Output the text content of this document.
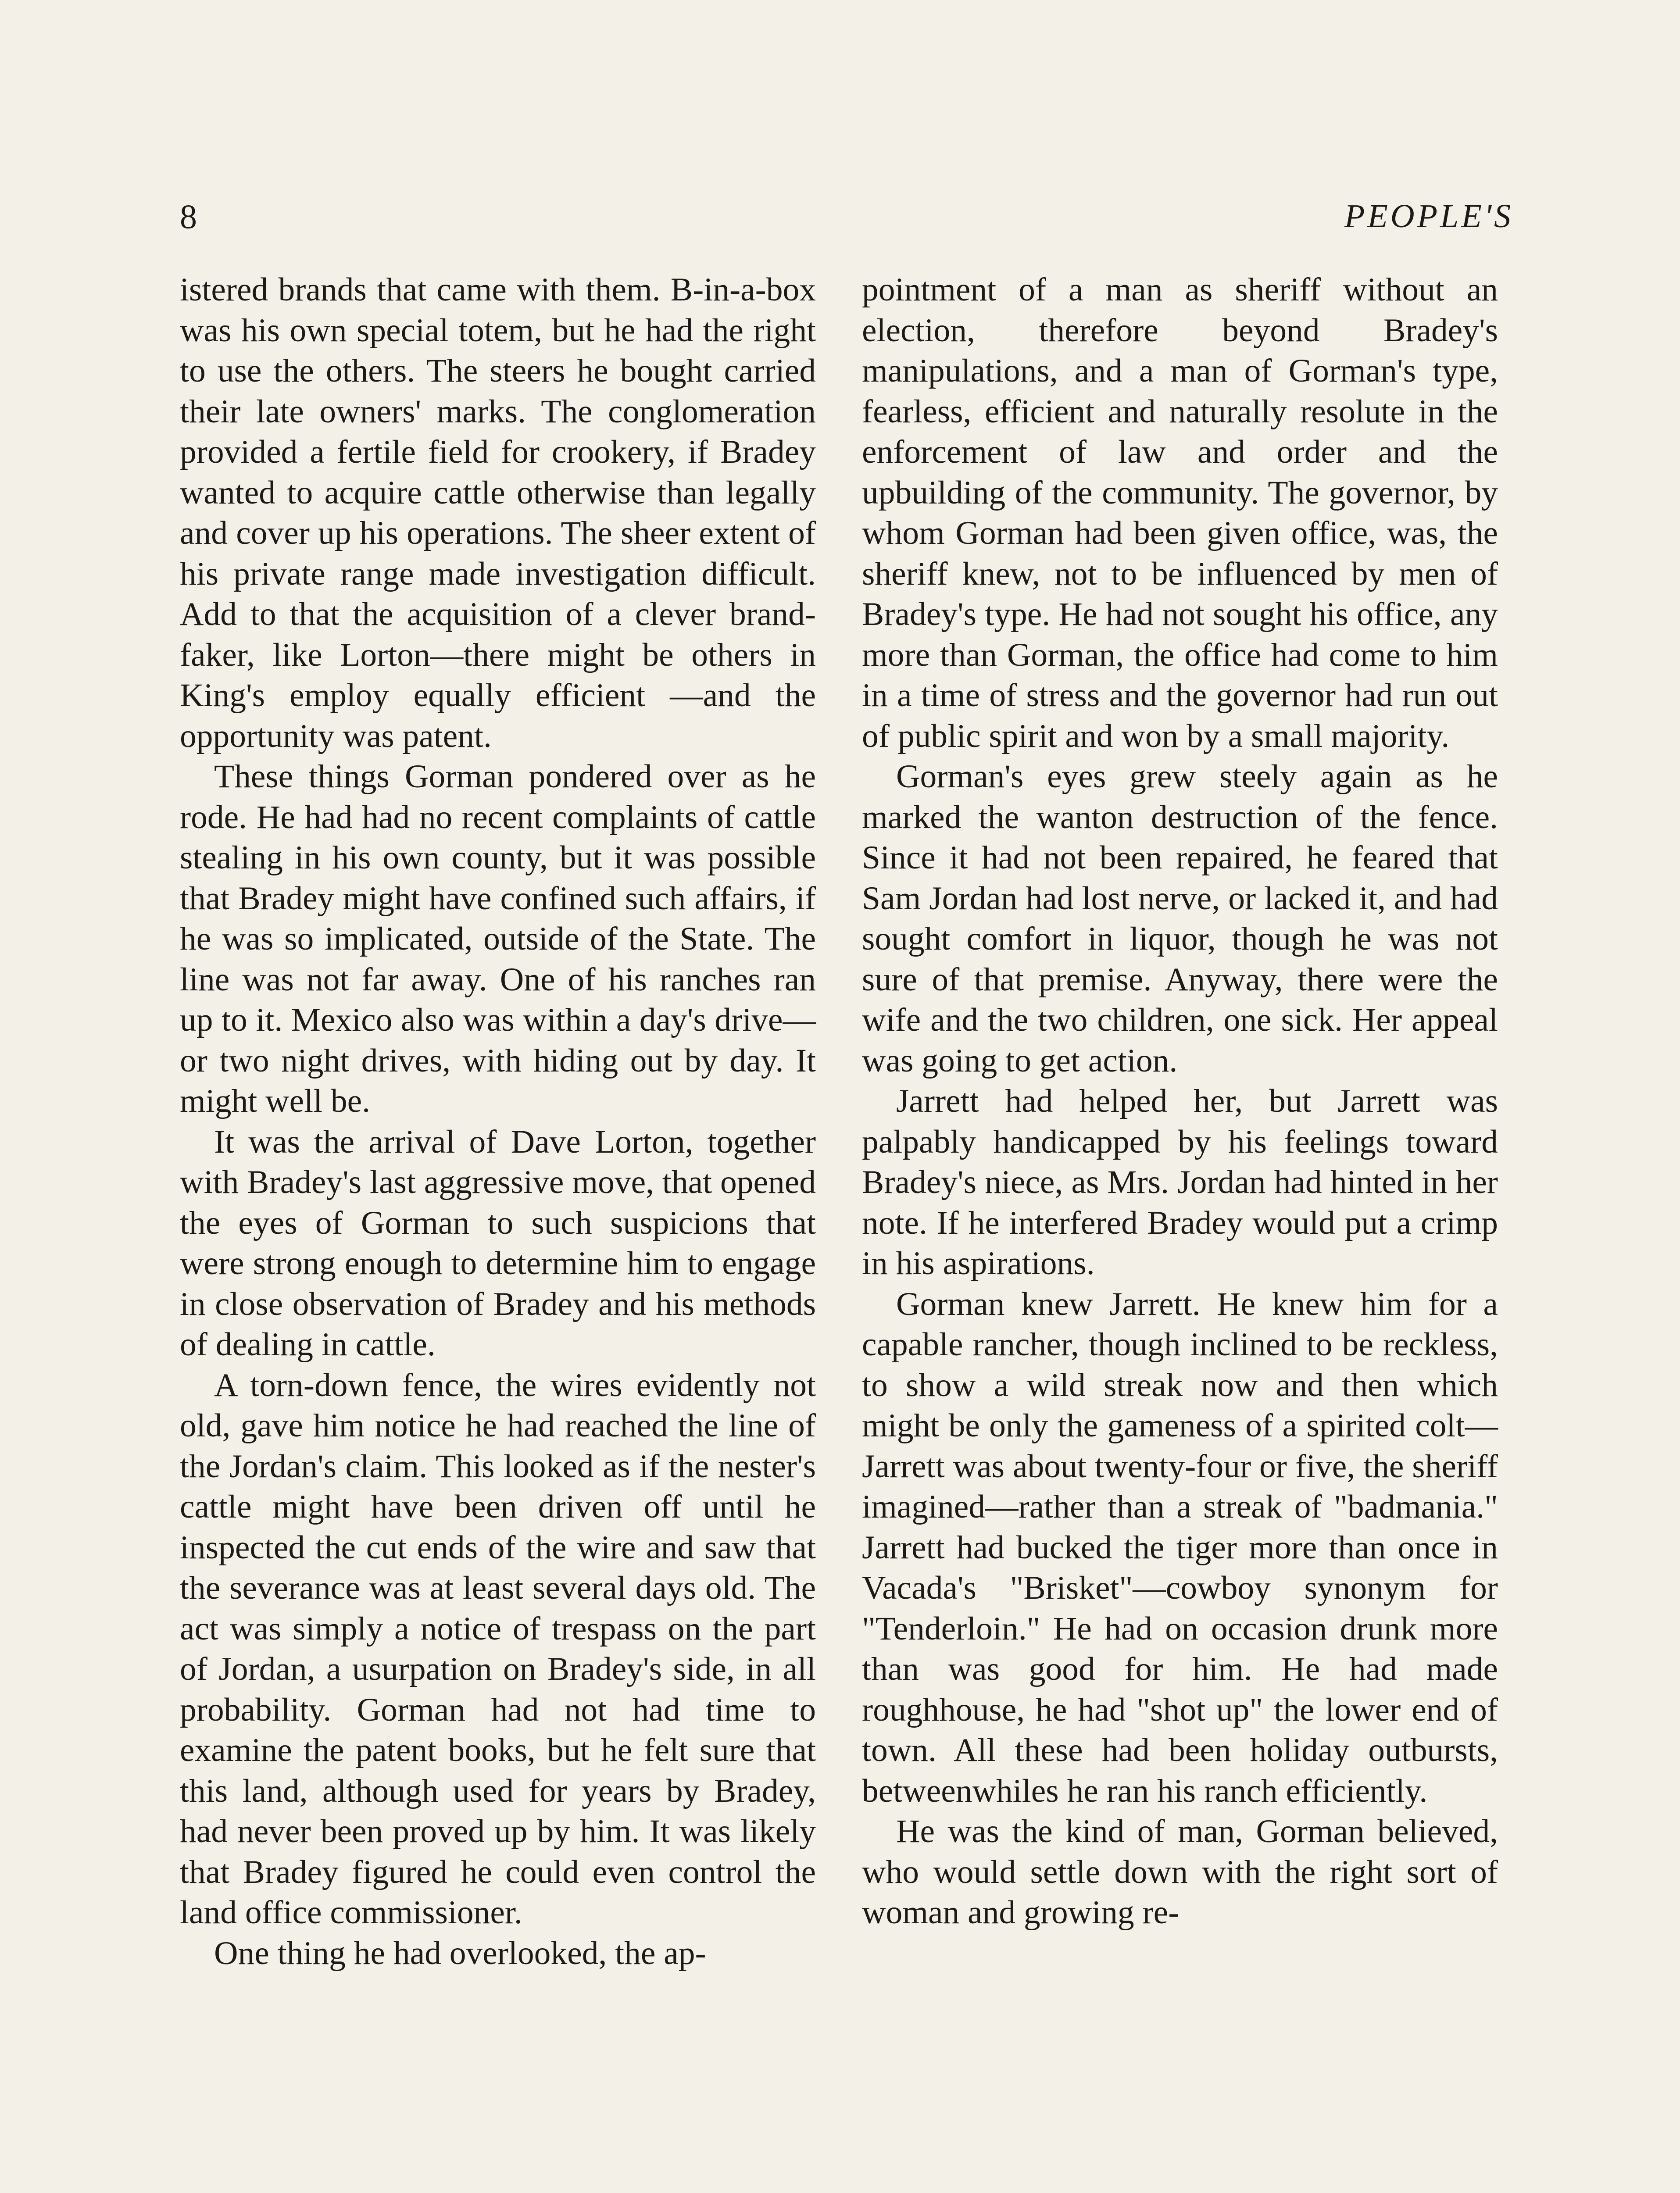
8	PEOPLE'S

istered brands that came with them. B-in-a-box was his own special totem, but he had the right to use the others. The steers he bought carried their late owners' marks. The conglomeration provided a fertile field for crookery, if Bradey wanted to acquire cattle otherwise than legally and cover up his operations. The sheer extent of his private range made investigation difficult. Add to that the acquisition of a clever brand-faker, like Lorton—there might be others in King's employ equally efficient —and the opportunity was patent.

These things Gorman pondered over as he rode. He had had no recent complaints of cattle stealing in his own county, but it was possible that Bradey might have confined such affairs, if he was so implicated, outside of the State. The line was not far away. One of his ranches ran up to it. Mexico also was within a day's drive—or two night drives, with hiding out by day. It might well be.

It was the arrival of Dave Lorton, together with Bradey's last aggressive move, that opened the eyes of Gorman to such suspicions that were strong enough to determine him to engage in close observation of Bradey and his methods of dealing in cattle.

A torn-down fence, the wires evidently not old, gave him notice he had reached the line of the Jordan's claim. This looked as if the nester's cattle might have been driven off until he inspected the cut ends of the wire and saw that the severance was at least several days old. The act was simply a notice of trespass on the part of Jordan, a usurpation on Bradey's side, in all probability. Gorman had not had time to examine the patent books, but he felt sure that this land, although used for years by Bradey, had never been proved up by him. It was likely that Bradey figured he could even control the land office commissioner.

One thing he had overlooked, the ap-

pointment of a man as sheriff without an election, therefore beyond Bradey's manipulations, and a man of Gorman's type, fearless, efficient and naturally resolute in the enforcement of law and order and the upbuilding of the community. The governor, by whom Gorman had been given office, was, the sheriff knew, not to be influenced by men of Bradey's type. He had not sought his office, any more than Gorman, the office had come to him in a time of stress and the governor had run out of public spirit and won by a small majority.

Gorman's eyes grew steely again as he marked the wanton destruction of the fence. Since it had not been repaired, he feared that Sam Jordan had lost nerve, or lacked it, and had sought comfort in liquor, though he was not sure of that premise. Anyway, there were the wife and the two children, one sick. Her appeal was going to get action.

Jarrett had helped her, but Jarrett was palpably handicapped by his feelings toward Bradey's niece, as Mrs. Jordan had hinted in her note. If he interfered Bradey would put a crimp in his aspirations.

Gorman knew Jarrett. He knew him for a capable rancher, though inclined to be reckless, to show a wild streak now and then which might be only the gameness of a spirited colt—Jarrett was about twenty-four or five, the sheriff imagined—rather than a streak of "badmania." Jarrett had bucked the tiger more than once in Vacada's "Brisket"—cowboy synonym for "Tenderloin." He had on occasion drunk more than was good for him. He had made roughhouse, he had "shot up" the lower end of town. All these had been holiday outbursts, betweenwhiles he ran his ranch efficiently.

He was the kind of man, Gorman believed, who would settle down with the right sort of woman and growing re-
